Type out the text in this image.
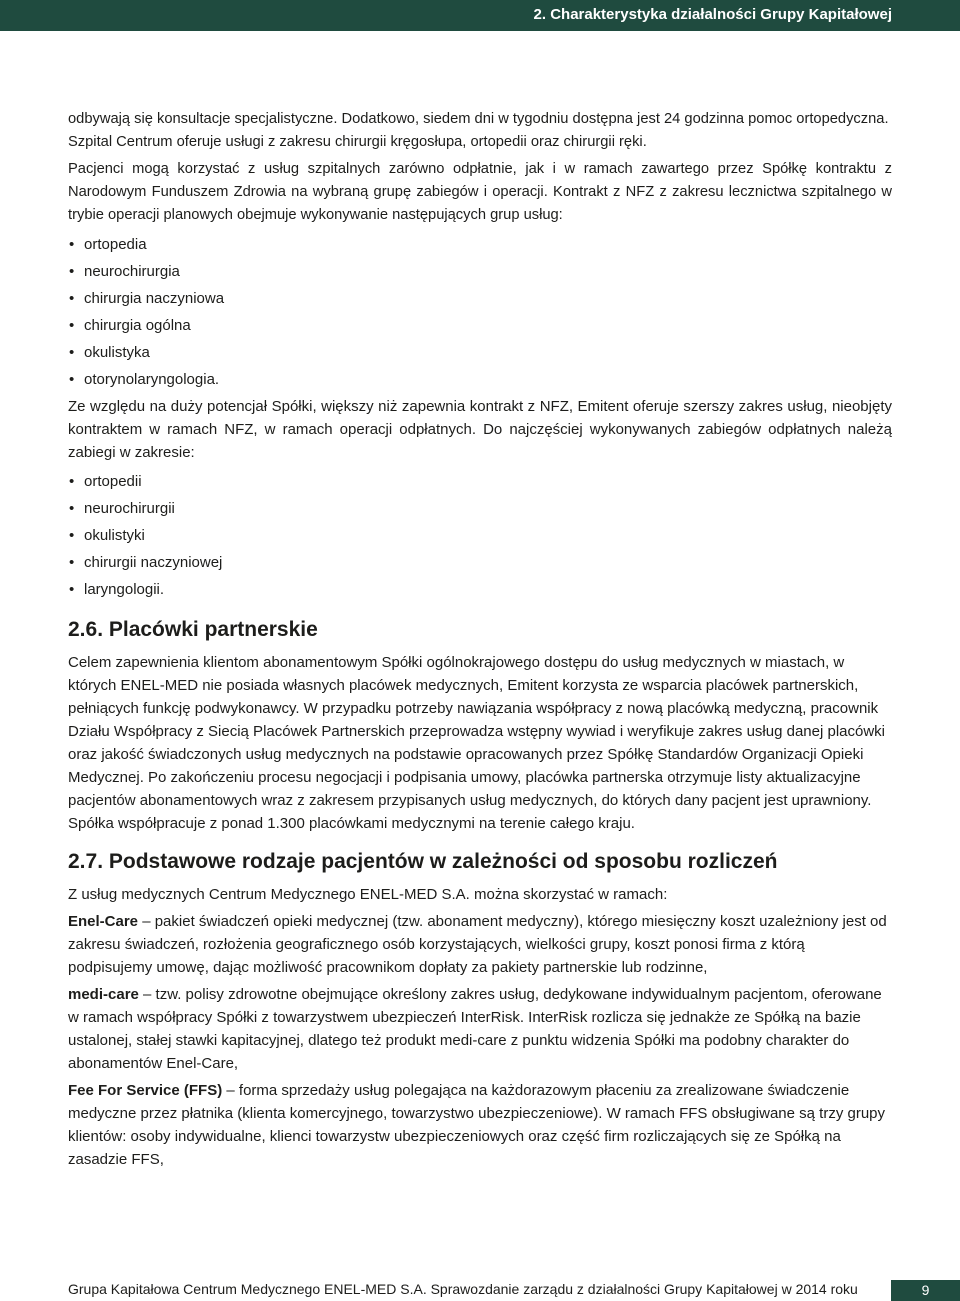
2. Charakterystyka działalności Grupy Kapitałowej

odbywają się konsultacje specjalistyczne. Dodatkowo, siedem dni w tygodniu dostępna jest 24 godzinna pomoc ortopedyczna. Szpital Centrum oferuje usługi z zakresu chirurgii kręgosłupa, ortopedii oraz chirurgii ręki.

Pacjenci mogą korzystać z usług szpitalnych zarówno odpłatnie, jak i w ramach zawartego przez Spółkę kontraktu z Narodowym Funduszem Zdrowia na wybraną grupę zabiegów i operacji. Kontrakt z NFZ z zakresu lecznictwa szpitalnego w trybie operacji planowych obejmuje wykonywanie następujących grup usług:

• ortopedia
• neurochirurgia
• chirurgia naczyniowa
• chirurgia ogólna
• okulistyka
• otorynolaryngologia.

Ze względu na duży potencjał Spółki, większy niż zapewnia kontrakt z NFZ, Emitent oferuje szerszy zakres usług, nieobjęty kontraktem w ramach NFZ, w ramach operacji odpłatnych. Do najczęściej wykonywanych zabiegów odpłatnych należą zabiegi w zakresie:

• ortopedii
• neurochirurgii
• okulistyki
• chirurgii naczyniowej
• laryngologii.
2.6. Placówki partnerskie

Celem zapewnienia klientom abonamentowym Spółki ogólnokrajowego dostępu do usług medycznych w miastach, w których ENEL-MED nie posiada własnych placówek medycznych, Emitent korzysta ze wsparcia placówek partnerskich, pełniących funkcję podwykonawcy. W przypadku potrzeby nawiązania współpracy z nową placówką medyczną, pracownik Działu Współpracy z Siecią Placówek Partnerskich przeprowadza wstępny wywiad i weryfikuje zakres usług danej placówki oraz jakość świadczonych usług medycznych na podstawie opracowanych przez Spółkę Standardów Organizacji Opieki Medycznej. Po zakończeniu procesu negocjacji i podpisania umowy, placówka partnerska otrzymuje listy aktualizacyjne pacjentów abonamentowych wraz z zakresem przypisanych usług medycznych, do których dany pacjent jest uprawniony. Spółka współpracuje z ponad 1.300 placówkami medycznymi na terenie całego kraju.

2.7. Podstawowe rodzaje pacjentów w zależności od sposobu rozliczeń

Z usług medycznych Centrum Medycznego ENEL-MED S.A. można skorzystać w ramach:

Enel-Care – pakiet świadczeń opieki medycznej (tzw. abonament medyczny), którego miesięczny koszt uzależniony jest od zakresu świadczeń, rozłożenia geograficznego osób korzystających, wielkości grupy, koszt ponosi firma z którą podpisujemy umowę, dając możliwość pracownikom dopłaty za pakiety partnerskie lub rodzinne,

medi-care – tzw. polisy zdrowotne obejmujące określony zakres usług, dedykowane indywidualnym pacjentom, oferowane w ramach współpracy Spółki z towarzystwem ubezpieczeń InterRisk. InterRisk rozlicza się jednakże ze Spółką na bazie ustalonej, stałej stawki kapitacyjnej, dlatego też produkt medi-care z punktu widzenia Spółki ma podobny charakter do abonamentów Enel-Care,

Fee For Service (FFS) – forma sprzedaży usług polegająca na każdorazowym płaceniu za zrealizowane świadczenie medyczne przez płatnika (klienta komercyjnego, towarzystwo ubezpieczeniowe). W ramach FFS obsługiwane są trzy grupy klientów: osoby indywidualne, klienci towarzystw ubezpieczeniowych oraz część firm rozliczających się ze Spółką na zasadzie FFS,

Grupa Kapitałowa Centrum Medycznego ENEL-MED S.A. Sprawozdanie zarządu z działalności Grupy Kapitałowej w 2014 roku	9
